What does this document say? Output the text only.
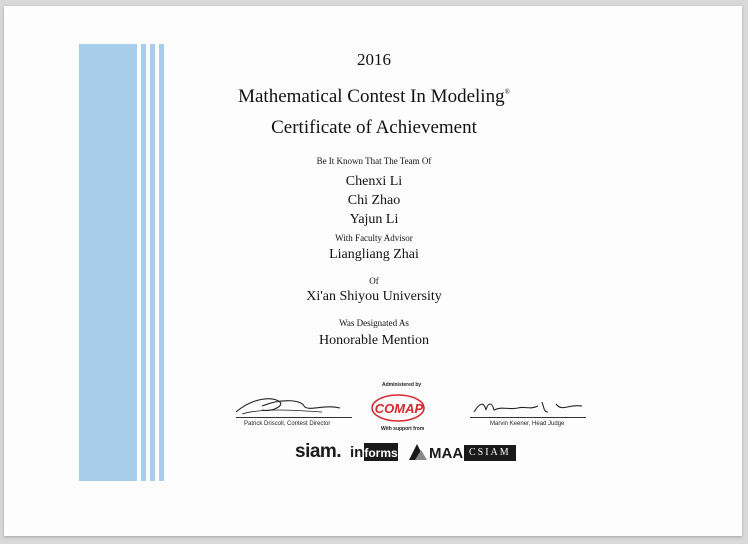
2016
Mathematical Contest In Modeling®
Certificate of Achievement
Be It Known That The Team Of
Chenxi Li
Chi Zhao
Yajun Li
With Faculty Advisor
Liangliang Zhai
Of
Xi'an Shiyou University
Was Designated As
Honorable Mention
Patrick Driscoll, Contest Director
Administered by
COMAP
With support from
Marvin Keener, Head Judge
siam. in forms MAA CSIAM
